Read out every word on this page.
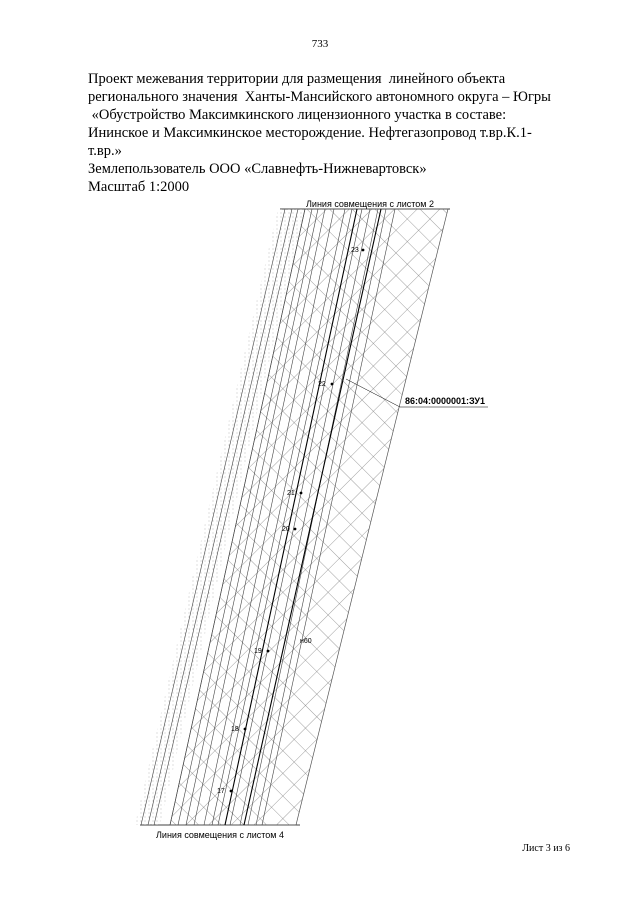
733
Проект межевания территории для размещения  линейного объекта
регионального значения  Ханты-Мансийского автономного округа – Югры
«Обустройство Максимкинского лицензионного участка в составе:
Ининское и Максимкинское месторождение. Нефтегазопровод т.вр.К.1-
т.вр.»
Землепользователь ООО «Славнефть-Нижневартовск»
Масштаб 1:2000
Линия совмещения с листом 2
Линия совмещения с листом 4
86:04:0000001:ЗУ1
н60
23
22
21
20
19
18
17
Лист 3 из 6
